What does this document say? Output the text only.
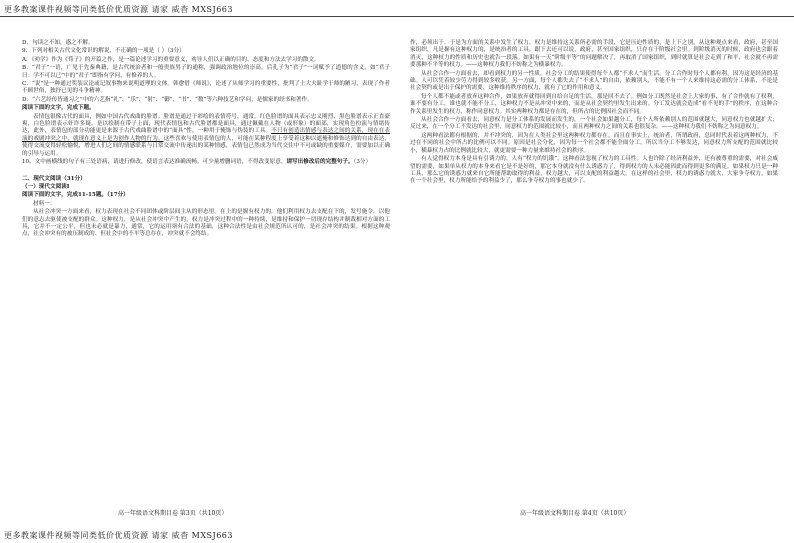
更多教案课件视频等同类低价优质资源 请家 威杳 MXSJ663

D、句读之不知，惑之不解。

9、下列对相关古代文化常识的解说，不正确的一项是（ ）（3分）

A．《劝学》作为《荀子》的开篇之作，是一篇论述学习的重要意义，劝导人们以正确的目的、态度和方法去学习的散文。

B．“君子”一语，广见于先秦典籍，是古代统治者和一般贵族男子的通称，强调政治地位的崇高。后孔子为“君子”一词赋予了道德的含义，如“君子曰：学不可以已”中的“君子”即指有学问、有修养的人。

C．“说”是一种通过奖装议论或记叙事物来说明道理的文体。韩愈借《师说》，论述了从师学习的重要性，批判了士大夫耻学于师的陋习，表现了作者不顾世俗，独抒已见的斗争精神。

D．“六艺经传皆通习之”中的六艺指“礼”、“乐”、“射”、“御”、“书”、“数”等六种技艺和学问，是儒家的经书和著作。

阅读下面的文字，完成下题。

表情包很像古代的面具，例如中国古代戏曲的脸谱。脸谱是通过于彩绘的表情符号，通常，红色脸谱的面具表示忠义刚烈，黑色脸谱表示正直豪爽，白色脸谱表示奸诈多疑。是以绘制在带子上面，现代表情包和古代脸谱都是面具，通过佩戴在人物（或形象）的面部，实现角色扮演与情绪传达，此外，表情包的部分功能更是来源于古代戏曲脸谱中的“面具”性，一种用于掩饰与伪装的工具。不只有创造出情感与表达之间的关系，现在在表演的戏剧冲突之中，就现在意义上是为创作人物的行为。这些喜欢与使用表情包的人，可能在某种程度上享受着这种以遮掩和修饰达到的自由表达，使得交流变得轻松愉悦，增进人们之间的情感联系与日常交流中传递出的某种情感，表情包已然成为当代交往中不可或缺的重要媒介，需要加以正确的引导与运用。

10、文中画横线的句子有三处语病，请进行修改，使语言表达准确流畅。可少量增删词语，不得改变原意。请写出修改后的完整句子。（3分）

二、现代文阅读（31分）

（一）现代文阅读Ⅰ

阅读下面的文字，完成11-15题。（17分）

材料一：

从社会冲突一方面来看，权力表现在社会不同团体或阶层间主从的形态里。在上的是握有权力的，他们利用权力去支配在下的，发号施令，以他们的意志去驱使被支配的群众。这种权力，是从社会冲突中产生的，权力是冲突过程中的一种持续，是维持和保护一切现存结构并制裁相对方面的工具，它并不一定公平，但也未必就是暴力，通常，它的运用须有合法的基础，这种合法性是由社会规范所认可的，是社会冲突的结果。根据这种观点，社会冲突有的被压制成的、但社会中的不平等总存在，冲突就不会终结。

作，必须出于。于是为方面的关系中发生了权力。权力是维持这关系所必需的手段，它是压迫性质的，是上下之别。从这种观点来看，政府，甚至国家组织，凡是握有这种权力的，是统治者的工具。跟下去还可以说，政府，甚至国家组织，只存在于阶级社会里。到阶级消灭的时候，政府也会跟着消灭，这种权力的性质和历史也就告一段落。如果有一天“阶级平等”的问题解决了，再取消了国家组织，到时就算是社会走到了和平、社会就不再需要那种不平等的权力。——这种权力我们不妨称之为横暴权力。

从社会合作一方面看去，却看到权力的另一性质。社会分工的结果使得每个人都“不求人”而生活。分工合作时每个人都有利，因为这是经济的基础。人可以凭着较少劳力得到较多收获。另一方面，每个人都失去了“不求人”的自由，依赖别人，不能不有一个人来维持这必需的分工体系，不论是社会契约或是出于保护的需要，这种维持秩序的权力，就有了它的作用和意义。

每个人都不能或者放弃这种合作，如果放弃就得回到自给自足的生活，那是回不去了。例如分工既然是社会上大家的事，有了合作就有了权利，谁不要有分工，谁也就不能不分工，这种权力不是从冲突中来的，而是从社会契约里发生出来的。分工发达就会造成“看不见的手”的秩序，在这种合作关系里发生的权力，称作同意权力。其实两种权力都是存在的，但所占的比例因社会而不同。

从社会合作一方面看去，同意权力是分工体系的发展而发生的，一个社会如果越分工，每个人所依赖别人的范围就越大，同意权力也就越扩大；反过来，在一个分工不发达的社会里，同意权力的范围就比较小，而且两种权力之间的关系也很复杂。——这种权力我们不妨称之为同意权力。

这两种看法都有根据的，并不冲突的，因为在人类社会里这两种权力都存在。而且在事实上，统治者，所谓政府，总同时代表着这两种权力，不过在不同的社会中所占的比例可以不同。原因是社会分化，因为每一个社会都不能全面分工，所以当分工不够发达，同意权力所支配的范围就比较小，横暴权力占的比例就比较大，就更需要一种力量来维持社会的秩序。

有人觉得权力本身是具有引诱力的，人有“权力的饥饿”。这种看法忽视了权力的工具性。人也许除了经济利益外，还有被尊重的需要，对社会威望的需要，如果单从权力的本身来看它是不是好的，那它本身就没有什么诱惑力了，得到权力的人未必能因此而得到更多的满足。如果权力只是一种工具，那么它的诱惑力就来自它所能帮助取得的利益，权力越大，可以支配的利益越大。在这样的社会里，权力的诱惑力就大，大家争夺权力，如果在一个社会里，权力所能给予的利益少了，那么争夺权力的事也就少了。

高一年级语文科期目卷 第3页（共10页）	高一年级语文科期目卷 第4页（共10页）
更多教案课件视频等同类低价优质资源 请家 威杳 MXSJ663
